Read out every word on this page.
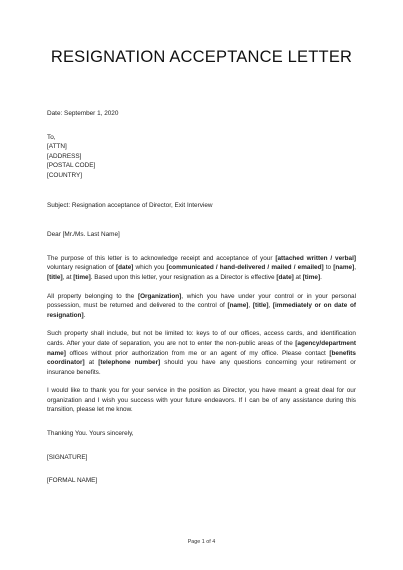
RESIGNATION ACCEPTANCE LETTER

Date: September 1, 2020

To,

[ATTN]

[ADDRESS]

[POSTAL CODE]

[COUNTRY]

Subject: Resignation acceptance of Director, Exit Interview

Dear [Mr./Ms. Last Name]

The purpose of this letter is to acknowledge receipt and acceptance of your [attached written / verbal] voluntary resignation of [date] which you [communicated / hand-delivered / mailed / emailed] to [name], [title], at [time]. Based upon this letter, your resignation as a Director is effective [date] at [time].

All property belonging to the [Organization], which you have under your control or in your personal possession, must be returned and delivered to the control of [name], [title], [immediately or on date of resignation].

Such property shall include, but not be limited to: keys to of our offices, access cards, and identification cards. After your date of separation, you are not to enter the non-public areas of the [agency/department name] offices without prior authorization from me or an agent of my office. Please contact [benefits coordinator] at [telephone number] should you have any questions concerning your retirement or insurance benefits.

I would like to thank you for your service in the position as Director, you have meant a great deal for our organization and I wish you success with your future endeavors. If I can be of any assistance during this transition, please let me know.

Thanking You. Yours sincerely,

[SIGNATURE]

[FORMAL NAME]

Page 1 of 4
